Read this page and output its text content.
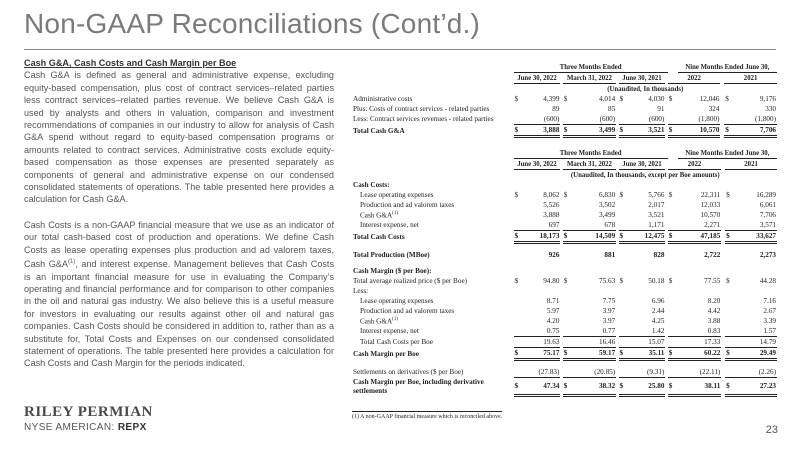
Non-GAAP Reconciliations (Cont’d.)

Cash G&A, Cash Costs and Cash Margin per Boe
Cash G&A is defined as general and administrative expense, excluding equity-based compensation, plus cost of contract services–related parties less contract services–related parties revenue. We believe Cash G&A is used by analysts and others in valuation, comparison and investment recommendations of companies in our industry to allow for analysis of Cash G&A spend without regard to equity-based compensation programs or amounts related to contract services. Administrative costs exclude equity-based compensation as those expenses are presented separately as components of general and administrative expense on our condensed consolidated statements of operations. The table presented here provides a calculation for Cash G&A.

Cash Costs is a non-GAAP financial measure that we use as an indicator of our total cash-based cost of production and operations. We define Cash Costs as lease operating expenses plus production and ad valorem taxes, Cash $G\&A^{(1)}$, and interest expense. Management believes that Cash Costs is an important financial measure for use in evaluating the Company’s operating and financial performance and for comparison to other companies in the oil and natural gas industry. We also believe this is a useful measure for investors in evaluating our results against other oil and natural gas companies. Cash Costs should be considered in addition to, rather than as a substitute for, Total Costs and Expenses on our condensed consolidated statement of operations. The table presented here provides a calculation for Cash Costs and Cash Margin for the periods indicated.

	Three Months Ended										Nine Months Ended June 30,			
	June 30, 2022			March 31, 2022			June 30, 2021			2022			2021	
	(Unaudited, In thousands)													
Administrative costs	$	4,399		$	4,014		$	4,030		$	12,046		$	9,176
Plus: Costs of contract services - related parties		89			85			91			324			330
Less: Contract services revenues - related parties		(600)			(600)			(600)			(1,800)			(1,800)
Total Cash G&A	$	3,888		$	3,499		$	3,521		$	10,570		$	7,706
	Three Months Ended										Nine Months Ended June 30,			
	June 30, 2022			March 31, 2022			June 30, 2021			2022			2021	
	(Unaudited, In thousands, except per Boe amounts)													
Cash Costs:														
Lease operating expenses	$	8,062		$	6,830		$	5,766		$	22,311		$	16,289
Production and ad valorem taxes		5,526			3,502			2,017			12,033			6,061
Cash $G\&A^{(1)}$		3,888			3,499			3,521			10,570			7,706
Interest expense, net		697			678			1,171			2,271			3,571
Total Cash Costs	$	18,173		$	14,509		$	12,475		$	47,185		$	33,627

Total Production (MBoe)		926			881			828			2,722			2,273

Cash Margin ($ per Boe):														
Total average realized price ($ per Boe)	$	94.80		$	75.63		$	50.18		$	77.55		$	44.28
Less:														
Lease operating expenses		8.71			7.75			6.96			8.20			7.16
Production and ad valorem taxes		5.97			3.97			2.44			4.42			2.67
Cash $G\&A^{(1)}$		4.20			3.97			4.25			3.88			3.39
Interest expense, net		0.75			0.77			1.42			0.83			1.57
Total Cash Costs per Boe		19.63			16.46			15.07			17.33			14.79
Cash Margin per Boe	$	75.17		$	59.17		$	35.11		$	60.22		$	29.49

Settlements on derivatives ($ per Boe)		(27.83)			(20.85)			(9.31)			(22.11)			(2.26)
Cash Margin per Boe, including derivative settlements	$	47.34		$	38.32		$	25.80		$	38.11		$	27.23
(1) A non-GAAP financial measure which is reconciled above.
RILEY PERMIAN
NYSE AMERICAN: REPX	23
